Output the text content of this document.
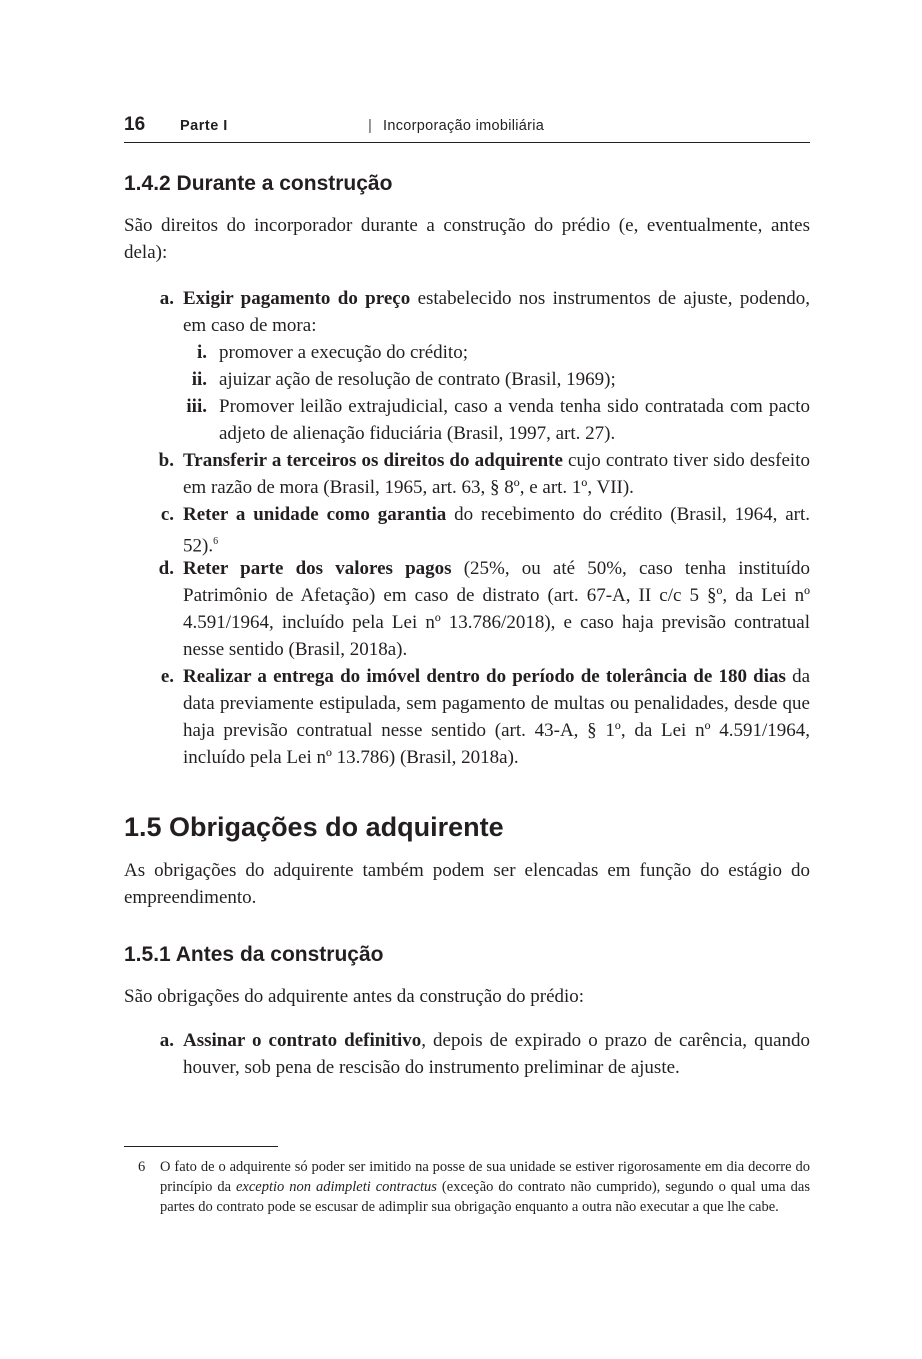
16 Parte I	| Incorporação imobiliária
1.4.2 Durante a construção

São direitos do incorporador durante a construção do prédio (e, eventualmente, antes dela):

a. Exigir pagamento do preço estabelecido nos instrumentos de ajuste, podendo, em caso de mora:
i. promover a execução do crédito;
ii. ajuizar ação de resolução de contrato (Brasil, 1969);
iii. Promover leilão extrajudicial, caso a venda tenha sido contratada com pacto adjeto de alienação fiduciária (Brasil, 1997, art. 27).
b. Transferir a terceiros os direitos do adquirente cujo contrato tiver sido desfeito em razão de mora (Brasil, 1965, art. 63, § 8º, e art. 1º, VII).
c. Reter a unidade como garantia do recebimento do crédito (Brasil, 1964, art. 52).$^6$
d. Reter parte dos valores pagos (25%, ou até 50%, caso tenha instituído Patrimônio de Afetação) em caso de distrato (art. 67-A, II c/c 5 §º, da Lei nº 4.591/1964, incluído pela Lei nº 13.786/2018), e caso haja previsão contratual nesse sentido (Brasil, 2018a).
e. Realizar a entrega do imóvel dentro do período de tolerância de 180 dias da data previamente estipulada, sem pagamento de multas ou penalidades, desde que haja previsão contratual nesse sentido (art. 43-A, § 1º, da Lei nº 4.591/1964, incluído pela Lei nº 13.786) (Brasil, 2018a).
1.5 Obrigações do adquirente

As obrigações do adquirente também podem ser elencadas em função do estágio do empreendimento.

1.5.1 Antes da construção

São obrigações do adquirente antes da construção do prédio:

a. Assinar o contrato definitivo, depois de expirado o prazo de carência, quando houver, sob pena de rescisão do instrumento preliminar de ajuste.
6 O fato de o adquirente só poder ser imitido na posse de sua unidade se estiver rigorosamente em dia decorre do princípio da exceptio non adimpleti contractus (exceção do contrato não cumprido), segundo o qual uma das partes do contrato pode se escusar de adimplir sua obrigação enquanto a outra não executar a que lhe cabe.
